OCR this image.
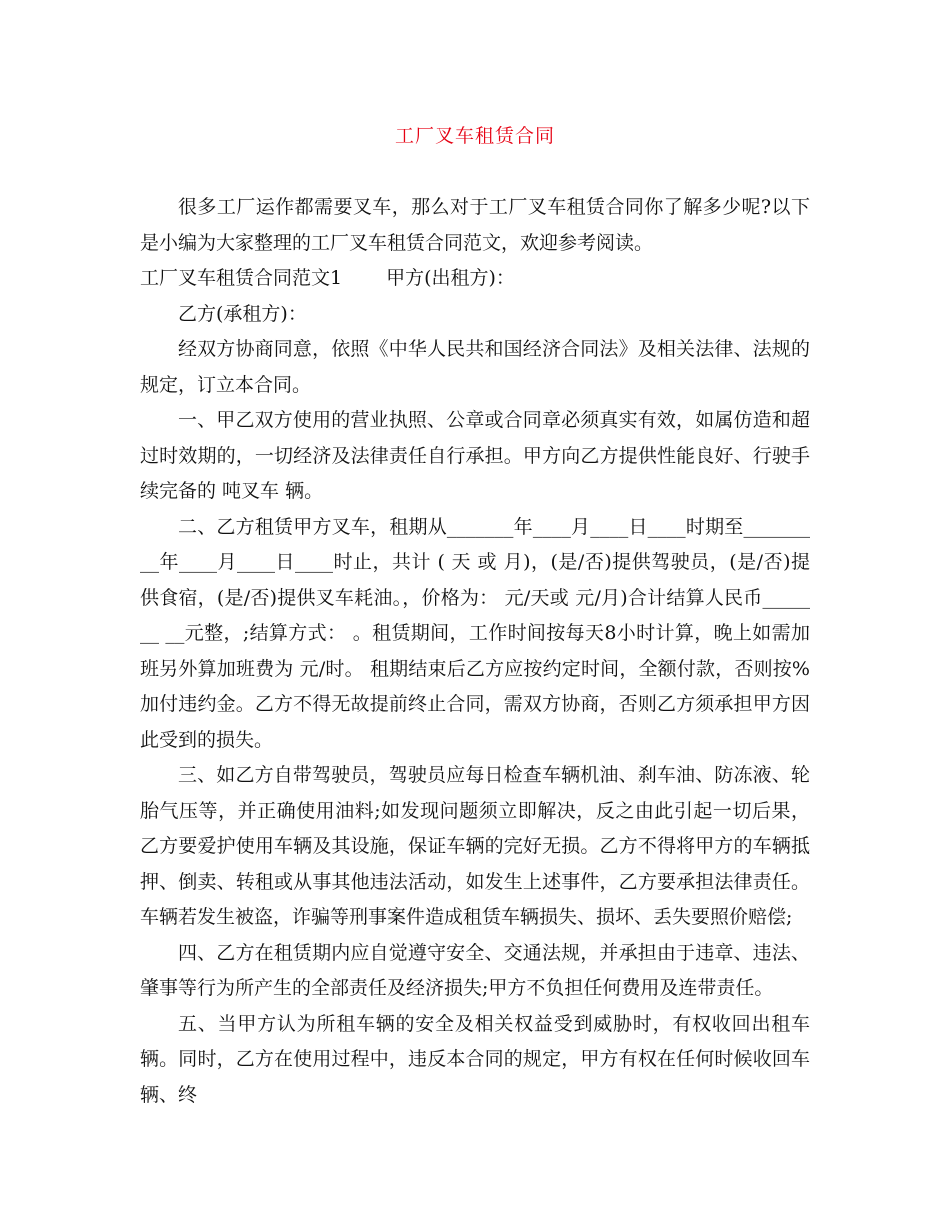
工厂叉车租赁合同

很多工厂运作都需要叉车，那么对于工厂叉车租赁合同你了解多少呢?以下是小编为大家整理的工厂叉车租赁合同范文，欢迎参考阅读。

工厂叉车租赁合同范文1 甲方(出租方)：

乙方(承租方)：

经双方协商同意，依照《中华人民共和国经济合同法》及相关法律、法规的规定，订立本合同。

一、甲乙双方使用的营业执照、公章或合同章必须真实有效，如属仿造和超过时效期的，一切经济及法律责任自行承担。甲方向乙方提供性能良好、行驶手续完备的 吨叉车 辆。

二、乙方租赁甲方叉车，租期从_______年____月____日____时期至_________年____月____日____时止，共计 ( 天 或 月)，(是/否)提供驾驶员，(是/否)提供食宿，(是/否)提供叉车耗油。，价格为： 元/天或 元/月)合计结算人民币_______ __元整，;结算方式： 。租赁期间，工作时间按每天8小时计算，晚上如需加班另外算加班费为 元/时。 租期结束后乙方应按约定时间，全额付款，否则按%加付违约金。乙方不得无故提前终止合同，需双方协商，否则乙方须承担甲方因此受到的损失。

三、如乙方自带驾驶员，驾驶员应每日检查车辆机油、刹车油、防冻液、轮胎气压等，并正确使用油料;如发现问题须立即解决，反之由此引起一切后果，乙方要爱护使用车辆及其设施，保证车辆的完好无损。乙方不得将甲方的车辆抵押、倒卖、转租或从事其他违法活动，如发生上述事件，乙方要承担法律责任。车辆若发生被盗，诈骗等刑事案件造成租赁车辆损失、损坏、丢失要照价赔偿;

四、乙方在租赁期内应自觉遵守安全、交通法规，并承担由于违章、违法、肇事等行为所产生的全部责任及经济损失;甲方不负担任何费用及连带责任。

五、当甲方认为所租车辆的安全及相关权益受到威胁时，有权收回出租车辆。同时，乙方在使用过程中，违反本合同的规定，甲方有权在任何时候收回车辆、终
